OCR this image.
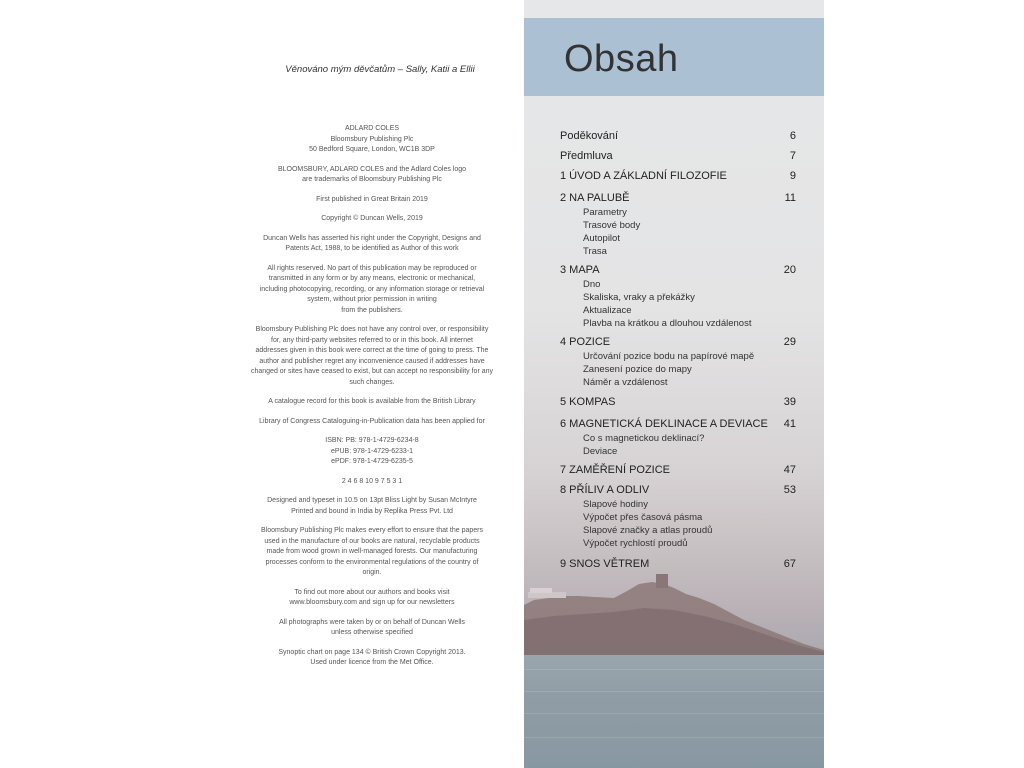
Věnováno mým děvčatům – Sally, Katii a Ellii

ADLARD COLES

Bloomsbury Publishing Plc

50 Bedford Square, London, WC1B 3DP

BLOOMSBURY, ADLARD COLES and the Adlard Coles logo

are trademarks of Bloomsbury Publishing Plc

First published in Great Britain 2019

Copyright © Duncan Wells, 2019

Duncan Wells has asserted his right under the Copyright, Designs and

Patents Act, 1988, to be identified as Author of this work

All rights reserved. No part of this publication may be reproduced or

transmitted in any form or by any means, electronic or mechanical,

including photocopying, recording, or any information storage or retrieval

system, without prior permission in writing

from the publishers.

Bloomsbury Publishing Plc does not have any control over, or responsibility

for, any third-party websites referred to or in this book. All internet

addresses given in this book were correct at the time of going to press. The

author and publisher regret any inconvenience caused if addresses have

changed or sites have ceased to exist, but can accept no responsibility for any

such changes.

A catalogue record for this book is available from the British Library

Library of Congress Cataloguing-in-Publication data has been applied for

ISBN: PB: 978-1-4729-6234-8

ePUB: 978-1-4729-6233-1

ePDF: 978-1-4729-6235-5

2 4 6 8 10 9 7 5 3 1

Designed and typeset in 10.5 on 13pt Bliss Light by Susan McIntyre

Printed and bound in India by Replika Press Pvt. Ltd

Bloomsbury Publishing Plc makes every effort to ensure that the papers

used in the manufacture of our books are natural, recyclable products

made from wood grown in well-managed forests. Our manufacturing

processes conform to the environmental regulations of the country of

origin.

To find out more about our authors and books visit

www.bloomsbury.com and sign up for our newsletters

All photographs were taken by or on behalf of Duncan Wells

unless otherwise specified

Synoptic chart on page 134 © British Crown Copyright 2013.

Used under licence from the Met Office.

Obsah
Poděkování	6
Předmluva	7
1 ÚVOD A ZÁKLADNÍ FILOZOFIE	9
2 NA PALUBĚ	11
Parametry
Trasové body
Autopilot
Trasa
3 MAPA	20
Dno
Skaliska, vraky a překážky
Aktualizace
Plavba na krátkou a dlouhou vzdálenost
4 POZICE	29
Určování pozice bodu na papírové mapě
Zanesení pozice do mapy
Náměr a vzdálenost
5 KOMPAS	39
6 MAGNETICKÁ DEKLINACE A DEVIACE 41
Co s magnetickou deklinací?
Deviace
7 ZAMĚŘENÍ POZICE	47
8 PŘÍLIV A ODLIV	53
Slapové hodiny
Výpočet přes časová pásma
Slapové značky a atlas proudů
Výpočet rychlostí proudů
9 SNOS VĚTREM	67
